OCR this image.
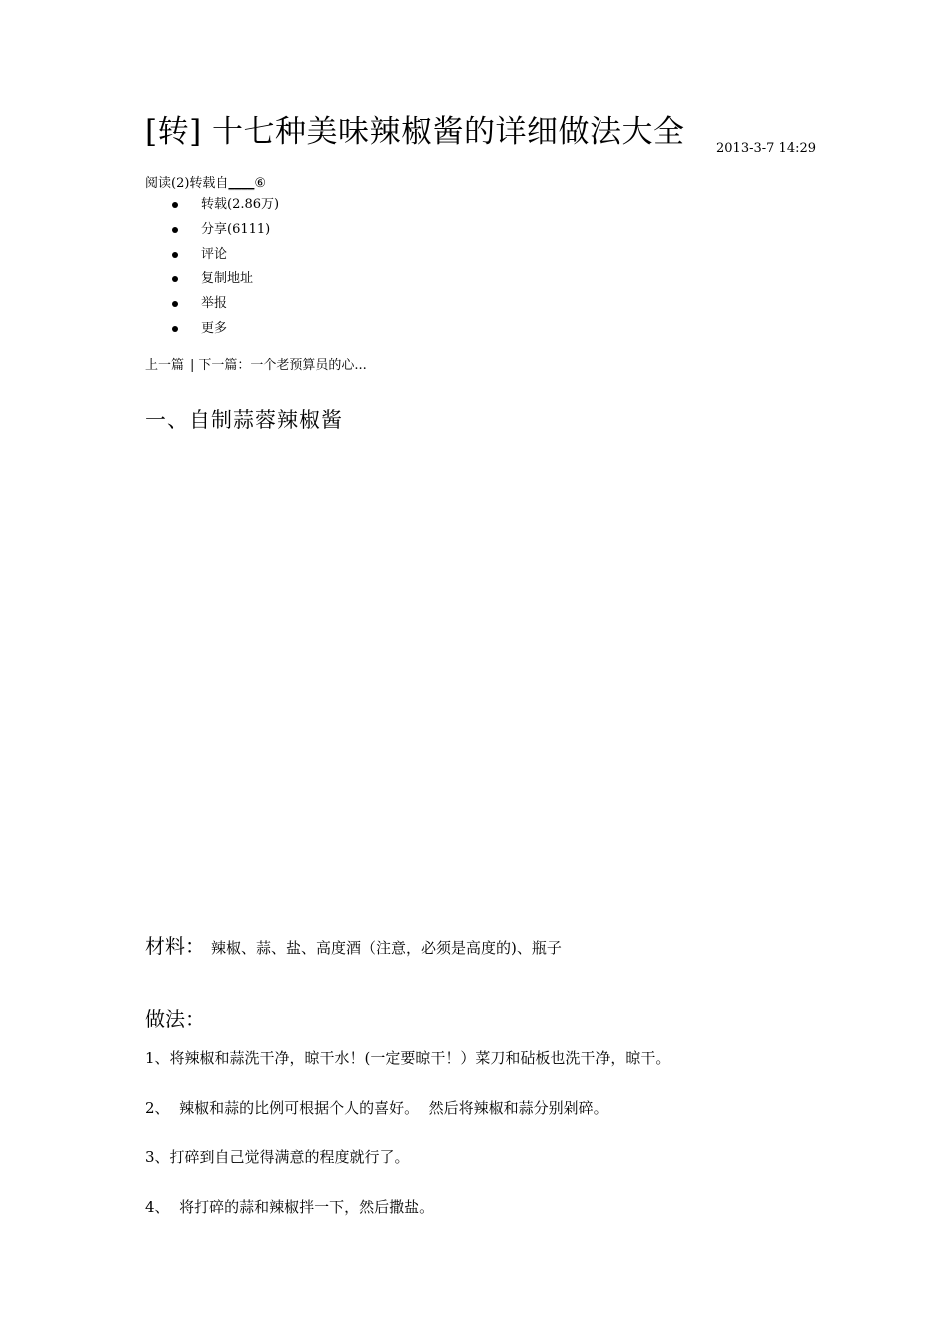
[转] 十七种美味辣椒酱的详细做法大全 2013-3-7 14:29
阅读(2)转载自____⑥
转载(2.86万)
分享(6111)
评论
复制地址
举报
更多
上一篇 | 下一篇：一个老预算员的心...
一、自制蒜蓉辣椒酱
材料： 辣椒、蒜、盐、高度酒（注意，必须是高度的)、瓶子
做法：

1、将辣椒和蒜洗干净，晾干水！(一定要晾干！）菜刀和砧板也洗干净，晾干。

2、  辣椒和蒜的比例可根据个人的喜好。  然后将辣椒和蒜分别剁碎。

3、打碎到自己觉得满意的程度就行了。

4、  将打碎的蒜和辣椒拌一下，然后撒盐。
